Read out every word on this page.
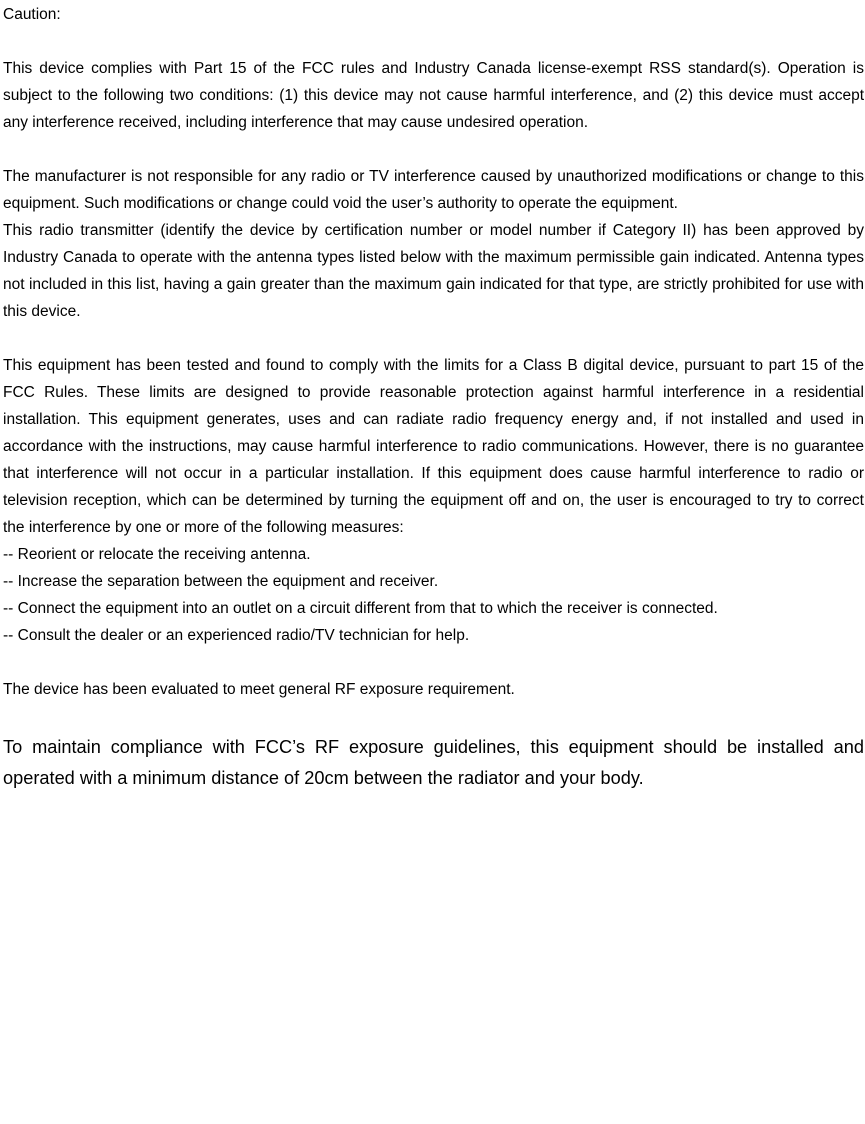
Caution:

This device complies with Part 15 of the FCC rules and Industry Canada license-exempt RSS standard(s). Operation is subject to the following two conditions: (1) this device may not cause harmful interference, and (2) this device must accept any interference received, including interference that may cause undesired operation.

The manufacturer is not responsible for any radio or TV interference caused by unauthorized modifications or change to this equipment. Such modifications or change could void the user’s authority to operate the equipment.

This radio transmitter (identify the device by certification number or model number if Category II) has been approved by Industry Canada to operate with the antenna types listed below with the maximum permissible gain indicated. Antenna types not included in this list, having a gain greater than the maximum gain indicated for that type, are strictly prohibited for use with this device.

This equipment has been tested and found to comply with the limits for a Class B digital device, pursuant to part 15 of the FCC Rules. These limits are designed to provide reasonable protection against harmful interference in a residential installation. This equipment generates, uses and can radiate radio frequency energy and, if not installed and used in accordance with the instructions, may cause harmful interference to radio communications. However, there is no guarantee that interference will not occur in a particular installation. If this equipment does cause harmful interference to radio or television reception, which can be determined by turning the equipment off and on, the user is encouraged to try to correct the interference by one or more of the following measures:

-- Reorient or relocate the receiving antenna.

-- Increase the separation between the equipment and receiver.

-- Connect the equipment into an outlet on a circuit different from that to which the receiver is connected.

-- Consult the dealer or an experienced radio/TV technician for help.

The device has been evaluated to meet general RF exposure requirement.

To maintain compliance with FCC’s RF exposure guidelines, this equipment should be installed and operated with a minimum distance of 20cm between the radiator and your body.
